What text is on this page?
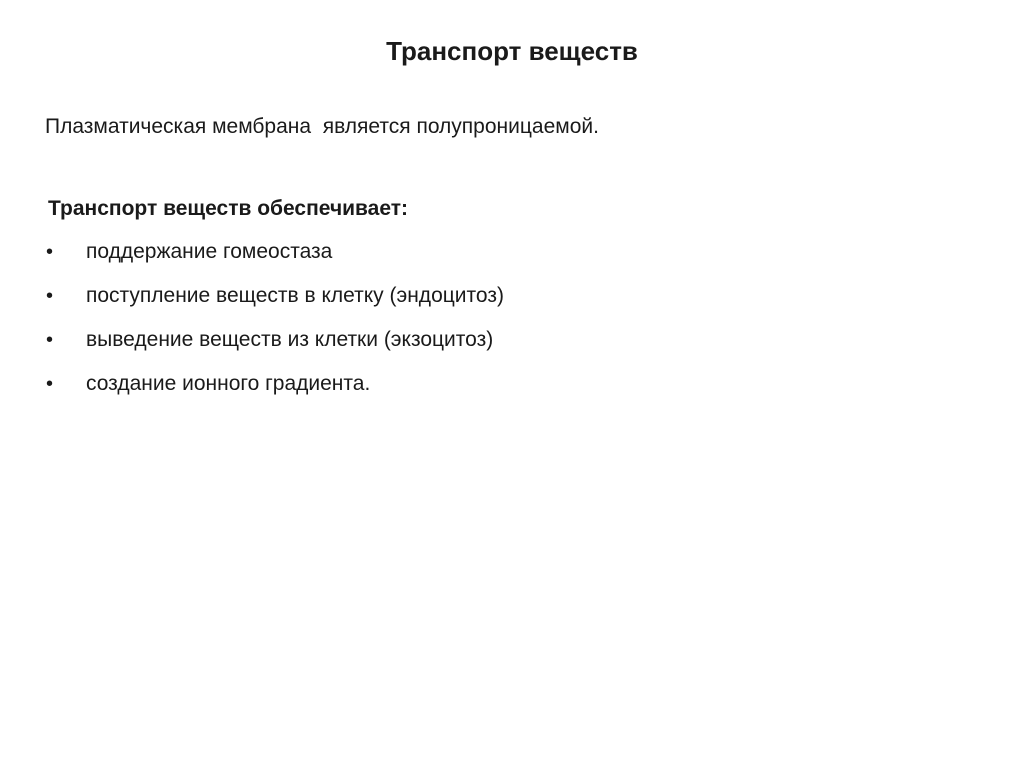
Транспорт веществ
Плазматическая мембрана  является полупроницаемой.
Транспорт веществ обеспечивает:
•	поддержание гомеостаза
•	поступление веществ в клетку (эндоцитоз)
•	выведение веществ из клетки (экзоцитоз)
•	создание ионного градиента.
